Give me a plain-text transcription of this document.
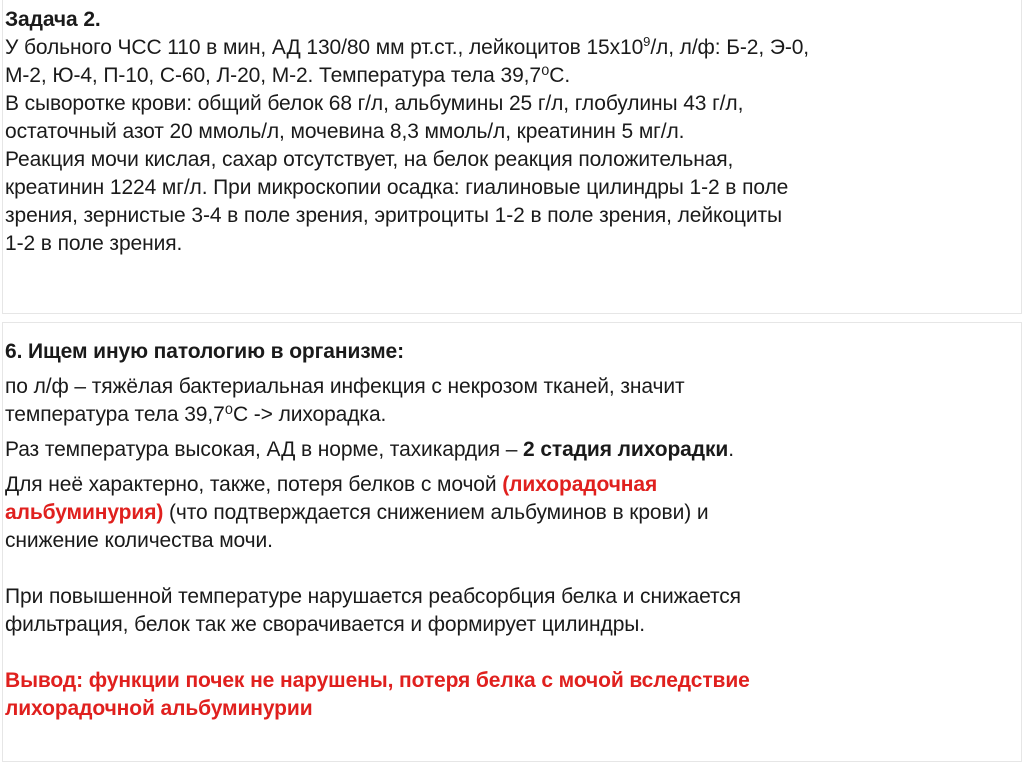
Задача 2.
У больного ЧСС 110 в мин, АД 130/80 мм рт.ст., лейкоцитов $15х10^9/л$, л/ф: Б-2, Э-0,
М-2, Ю-4, П-10, С-60, Л-20, М-2. Температура тела 39,7⁰С.
В сыворотке крови: общий белок 68 г/л, альбумины 25 г/л, глобулины 43 г/л,
остаточный азот 20 ммоль/л, мочевина 8,3 ммоль/л, креатинин 5 мг/л.
Реакция мочи кислая, сахар отсутствует, на белок реакция положительная,
креатинин 1224 мг/л. При микроскопии осадка: гиалиновые цилиндры 1-2 в поле
зрения, зернистые 3-4 в поле зрения, эритроциты 1-2 в поле зрения, лейкоциты
1-2 в поле зрения.
6. Ищем иную патологию в организме:
по л/ф – тяжёлая бактериальная инфекция с некрозом тканей, значит
температура тела 39,7⁰С -> лихорадка.
Раз температура высокая, АД в норме, тахикардия – 2 стадия лихорадки.
Для неё характерно, также, потеря белков с мочой (лихорадочная
альбуминурия) (что подтверждается снижением альбуминов в крови) и
снижение количества мочи.
При повышенной температуре нарушается реабсорбция белка и снижается
фильтрация, белок так же сворачивается и формирует цилиндры.
Вывод: функции почек не нарушены, потеря белка с мочой вследствие
лихорадочной альбуминурии
